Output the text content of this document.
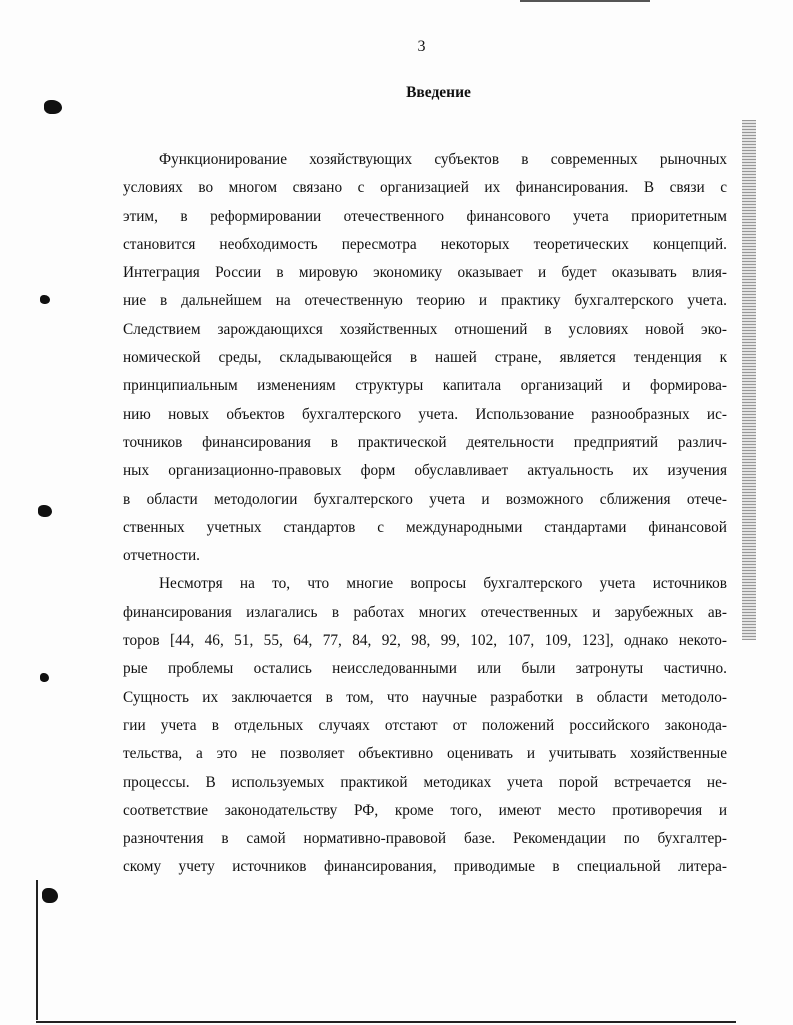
3
Введение

Функционирование хозяйствующих субъектов в современных рыночных
условиях во многом связано с организацией их финансирования. В связи с
этим, в реформировании отечественного финансового учета приоритетным
становится необходимость пересмотра некоторых теоретических концепций.
Интеграция России в мировую экономику оказывает и будет оказывать влия-
ние в дальнейшем на отечественную теорию и практику бухгалтерского учета.
Следствием зарождающихся хозяйственных отношений в условиях новой эко-
номической среды, складывающейся в нашей стране, является тенденция к
принципиальным изменениям структуры капитала организаций и формирова-
нию новых объектов бухгалтерского учета. Использование разнообразных ис-
точников финансирования в практической деятельности предприятий различ-
ных организационно-правовых форм обуславливает актуальность их изучения
в области методологии бухгалтерского учета и возможного сближения отече-
ственных учетных стандартов с международными стандартами финансовой
отчетности.

Несмотря на то, что многие вопросы бухгалтерского учета источников
финансирования излагались в работах многих отечественных и зарубежных ав-
торов [44, 46, 51, 55, 64, 77, 84, 92, 98, 99, 102, 107, 109, 123], однако некото-
рые проблемы остались неисследованными или были затронуты частично.
Сущность их заключается в том, что научные разработки в области методоло-
гии учета в отдельных случаях отстают от положений российского законода-
тельства, а это не позволяет объективно оценивать и учитывать хозяйственные
процессы. В используемых практикой методиках учета порой встречается не-
соответствие законодательству РФ, кроме того, имеют место противоречия и
разночтения в самой нормативно-правовой базе. Рекомендации по бухгалтер-
скому учету источников финансирования, приводимые в специальной литера-
